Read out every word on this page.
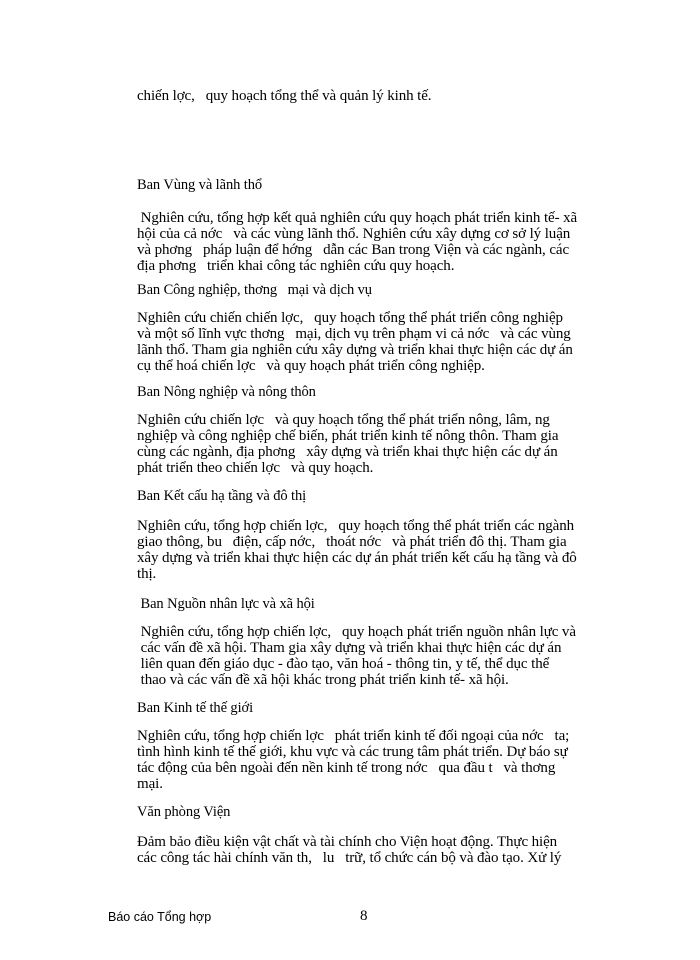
chiến lợc,   quy hoạch tổng thể và quản lý kinh tế.
Ban Vùng và lãnh thổ
Nghiên cứu, tổng hợp kết quả nghiên cứu quy hoạch phát triển kinh tế- xã
hội của cả nớc   và các vùng lãnh thổ. Nghiên cứu xây dựng cơ sở lý luận
và phơng   pháp luận để hớng   dẫn các Ban trong Viện và các ngành, các
địa phơng   triển khai công tác nghiên cứu quy hoạch.
Ban Công nghiệp, thơng   mại và dịch vụ
Nghiên cứu chiến chiến lợc,   quy hoạch tổng thể phát triển công nghiệp
và một số lĩnh vực thơng   mại, dịch vụ trên phạm vi cả nớc   và các vùng
lãnh thổ. Tham gia nghiên cứu xây dựng và triển khai thực hiện các dự án
cụ thể hoá chiến lợc   và quy hoạch phát triển công nghiệp.
Ban Nông nghiệp và nông thôn
Nghiên cứu chiến lợc   và quy hoạch tổng thể phát triển nông, lâm, ng
nghiệp và công nghiệp chế biến, phát triển kinh tế nông thôn. Tham gia
cùng các ngành, địa phơng   xây dựng và triển khai thực hiện các dự án
phát triển theo chiến lợc   và quy hoạch.
Ban Kết cấu hạ tầng và đô thị
Nghiên cứu, tổng hợp chiến lợc,   quy hoạch tổng thể phát triển các ngành
giao thông, bu   điện, cấp nớc,   thoát nớc   và phát triển đô thị. Tham gia
xây dựng và triển khai thực hiện các dự án phát triển kết cấu hạ tầng và đô
thị.
Ban Nguồn nhân lực và xã hội
Nghiên cứu, tổng hợp chiến lợc,   quy hoạch phát triển nguồn nhân lực và
các vấn đề xã hội. Tham gia xây dựng và triển khai thực hiện các dự án
liên quan đến giáo dục - đào tạo, văn hoá - thông tin, y tế, thể dục thể
thao và các vấn đề xã hội khác trong phát triển kinh tế- xã hội.
Ban Kinh tế thế giới
Nghiên cứu, tổng hợp chiến lợc   phát triển kinh tế đối ngoại của nớc   ta;
tình hình kinh tế thế giới, khu vực và các trung tâm phát triển. Dự báo sự
tác động của bên ngoài đến nền kinh tế trong nớc   qua đầu t   và thơng
mại.
Văn phòng Viện
Đảm bảo điều kiện vật chất và tài chính cho Viện hoạt động. Thực hiện
các công tác hài chính văn th,   lu   trữ, tổ chức cán bộ và đào tạo. Xử lý
Báo cáo Tổng hợp	8
